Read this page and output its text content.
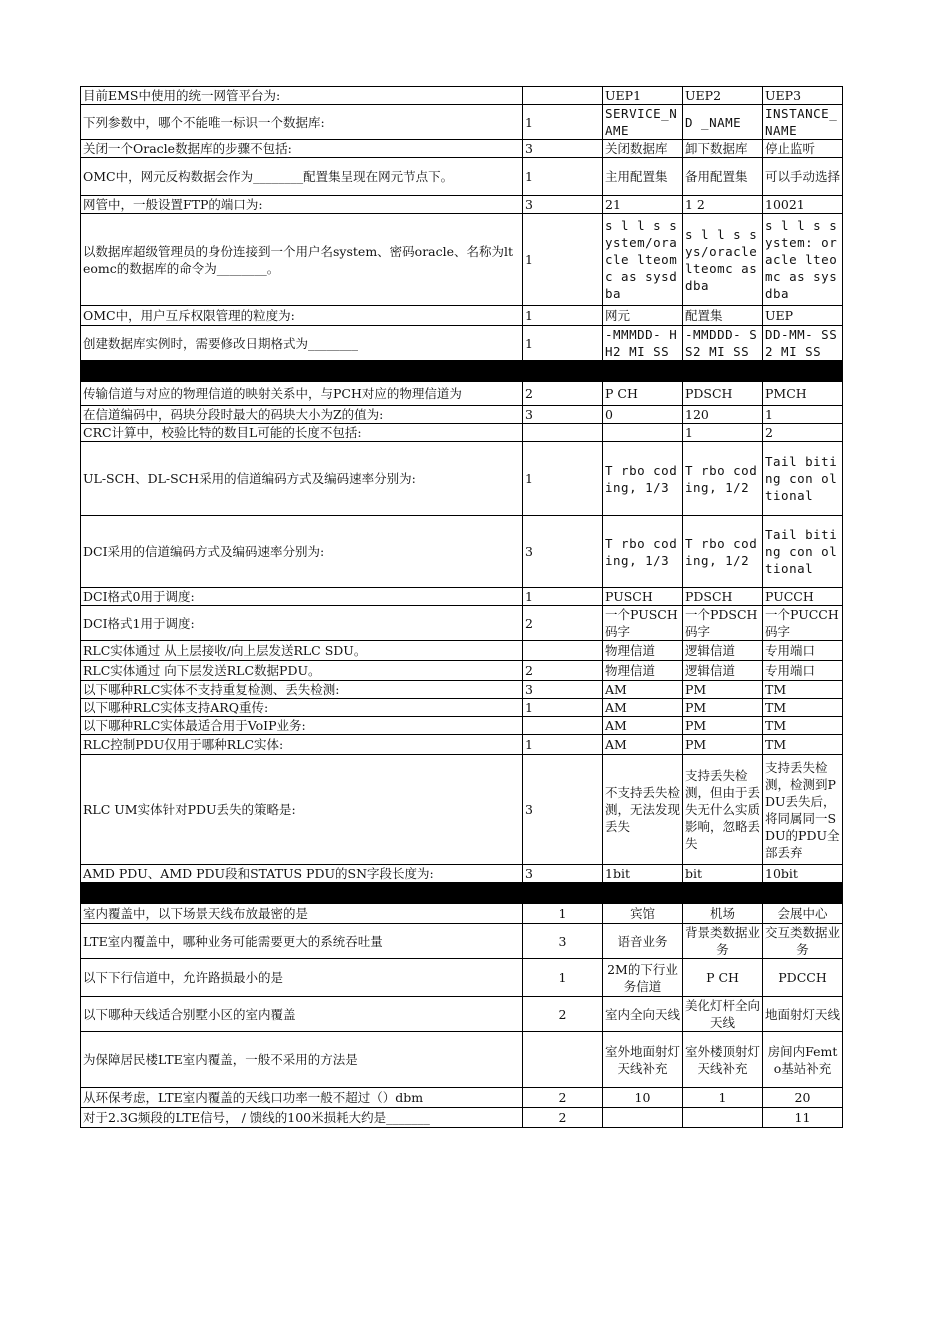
目前EMS中使用的统一网管平台为:		UEP1	UEP2	UEP3
下列参数中，哪个不能唯一标识一个数据库:	1	SERVICE_NAME	D _NAME	INSTANCE_NAME
关闭一个Oracle数据库的步骤不包括:	3	关闭数据库	卸下数据库	停止监听
OMC中，网元反构数据会作为________配置集呈现在网元节点下。	1	主用配置集	备用配置集	可以手动选择
网管中，一般设置FTP的端口为:	3	21	1 2	10021
以数据库超级管理员的身份连接到一个用户名system、密码oracle、名称为lteomc的数据库的命令为________。	1	s l l s system/oracle lteomc as sysdba	s l l s sys/oracle lteomc as dba	s l l s system: oracle lteomc as sysdba
OMC中，用户互斥权限管理的粒度为:	1	网元	配置集	UEP
创建数据库实例时，需要修改日期格式为________	1	-MMMDD- HH2 MI SS	-MMDDD- SS2 MI SS	DD-MM- SS2 MI SS

传输信道与对应的物理信道的映射关系中，与PCH对应的物理信道为	2	P CH	PDSCH	PMCH
在信道编码中，码块分段时最大的码块大小为Z的值为:	3	0	120	1
CRC计算中，校验比特的数目L可能的长度不包括:			1	2
UL-SCH、DL-SCH采用的信道编码方式及编码速率分别为:	1	T rbo coding, 1/3	T rbo coding, 1/2	Tail biting con ol tional
DCI采用的信道编码方式及编码速率分别为:	3	T rbo coding, 1/3	T rbo coding, 1/2	Tail biting con ol tional
DCI格式0用于调度:	1	PUSCH	PDSCH	PUCCH
DCI格式1用于调度:	2	一个PUSCH码字	一个PDSCH码字	一个PUCCH码字
RLC实体通过 从上层接收/向上层发送RLC SDU。		物理信道	逻辑信道	专用端口
RLC实体通过 向下层发送RLC数据PDU。	2	物理信道	逻辑信道	专用端口
以下哪种RLC实体不支持重复检测、丢失检测:	3	AM	PM	TM
以下哪种RLC实体支持ARQ重传:	1	AM	PM	TM
以下哪种RLC实体最适合用于VoIP业务:		AM	PM	TM
RLC控制PDU仅用于哪种RLC实体:	1	AM	PM	TM
RLC UM实体针对PDU丢失的策略是:	3	不支持丢失检测，无法发现丢失	支持丢失检测，但由于丢失无什么实质影响，忽略丢失	支持丢失检测，检测到PDU丢失后，将同属同一SDU的PDU全部丢弃
AMD PDU、AMD PDU段和STATUS PDU的SN字段长度为:	3	1bit	bit	10bit

室内覆盖中，以下场景天线布放最密的是	1	宾馆	机场	会展中心
LTE室内覆盖中，哪种业务可能需要更大的系统吞吐量	3	语音业务	背景类数据业务	交互类数据业务
以下下行信道中，允许路损最小的是	1	2M的下行业务信道	P CH	PDCCH
以下哪种天线适合别墅小区的室内覆盖	2	室内全向天线	美化灯杆全向天线	地面射灯天线
为保障居民楼LTE室内覆盖，一般不采用的方法是		室外地面射灯天线补充	室外楼顶射灯天线补充	房间内Femto基站补充
从环保考虑，LTE室内覆盖的天线口功率一般不超过（）dbm	2	10	1	20
对于2.3G频段的LTE信号， / 馈线的100米损耗大约是_______	2			11
